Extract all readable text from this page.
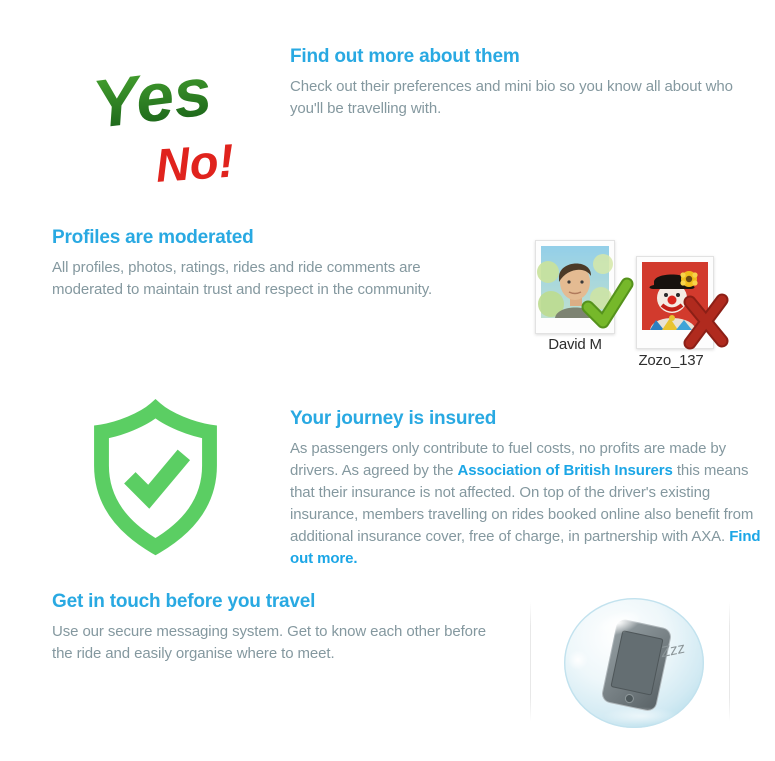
Yes
No!
Find out more about them
Check out their preferences and mini bio so you know all about who you'll be travelling with.
Profiles are moderated
All profiles, photos, ratings, rides and ride comments are moderated to maintain trust and respect in the community.
David M
Zozo_137
Your journey is insured
As passengers only contribute to fuel costs, no profits are made by drivers. As agreed by the Association of British Insurers this means that their insurance is not affected. On top of the driver's existing insurance, members travelling on rides booked online also benefit from additional insurance cover, free of charge, in partnership with AXA. Find out more.
Get in touch before you travel
Use our secure messaging system. Get to know each other before the ride and easily organise where to meet.	Zzz
